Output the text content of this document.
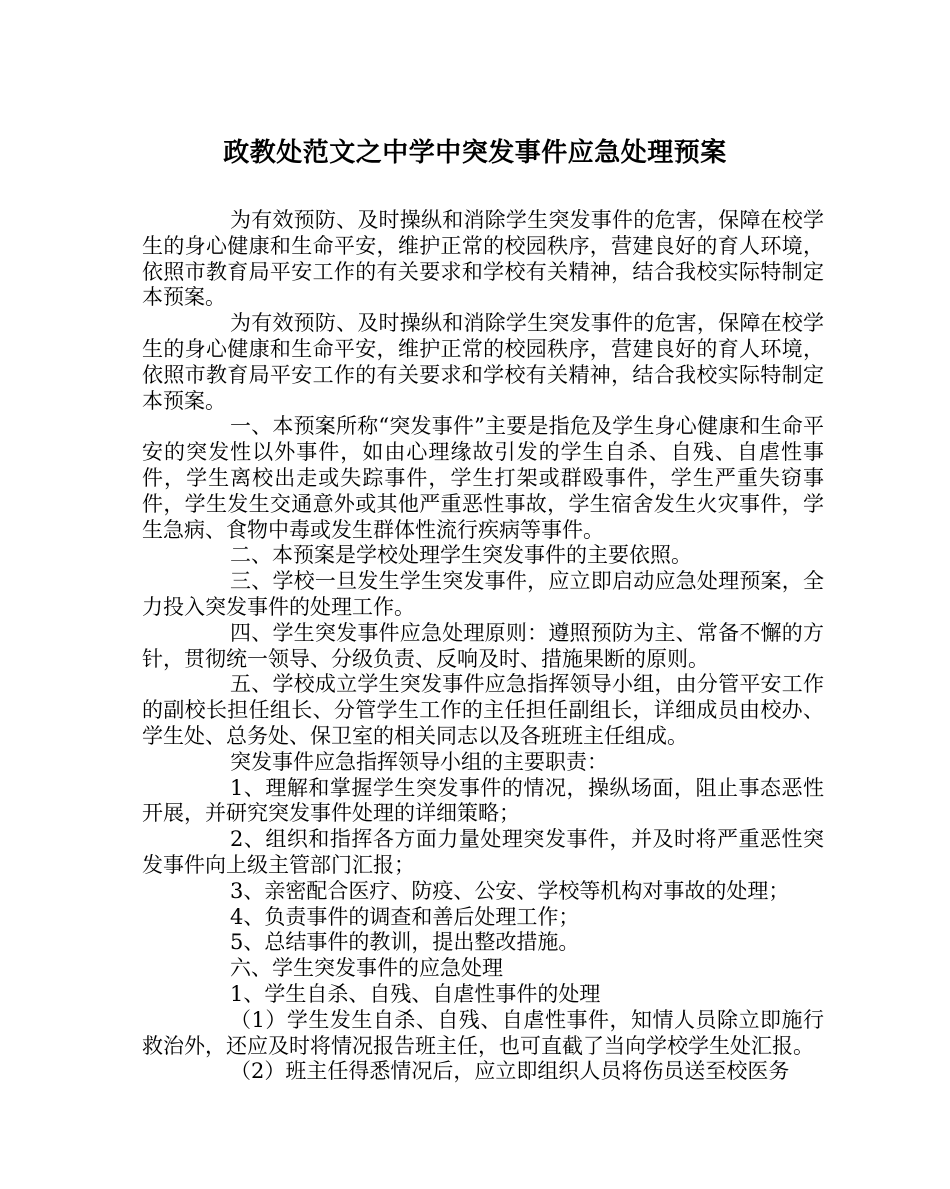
政教处范文之中学中突发事件应急处理预案

为有效预防、及时操纵和消除学生突发事件的危害，保障在校学生的身心健康和生命平安，维护正常的校园秩序，营建良好的育人环境，依照市教育局平安工作的有关要求和学校有关精神，结合我校实际特制定本预案。

为有效预防、及时操纵和消除学生突发事件的危害，保障在校学生的身心健康和生命平安，维护正常的校园秩序，营建良好的育人环境，依照市教育局平安工作的有关要求和学校有关精神，结合我校实际特制定本预案。

一、本预案所称“突发事件”主要是指危及学生身心健康和生命平安的突发性以外事件，如由心理缘故引发的学生自杀、自残、自虐性事件，学生离校出走或失踪事件，学生打架或群殴事件，学生严重失窃事件，学生发生交通意外或其他严重恶性事故，学生宿舍发生火灾事件，学生急病、食物中毒或发生群体性流行疾病等事件。

二、本预案是学校处理学生突发事件的主要依照。

三、学校一旦发生学生突发事件，应立即启动应急处理预案，全力投入突发事件的处理工作。

四、学生突发事件应急处理原则：遵照预防为主、常备不懈的方针，贯彻统一领导、分级负责、反响及时、措施果断的原则。

五、学校成立学生突发事件应急指挥领导小组，由分管平安工作的副校长担任组长、分管学生工作的主任担任副组长，详细成员由校办、学生处、总务处、保卫室的相关同志以及各班班主任组成。

突发事件应急指挥领导小组的主要职责：

1、理解和掌握学生突发事件的情况，操纵场面，阻止事态恶性开展，并研究突发事件处理的详细策略；

2、组织和指挥各方面力量处理突发事件，并及时将严重恶性突发事件向上级主管部门汇报；

3、亲密配合医疗、防疫、公安、学校等机构对事故的处理；

4、负责事件的调查和善后处理工作；

5、总结事件的教训，提出整改措施。

六、学生突发事件的应急处理

1、学生自杀、自残、自虐性事件的处理

（1）学生发生自杀、自残、自虐性事件，知情人员除立即施行救治外，还应及时将情况报告班主任，也可直截了当向学校学生处汇报。

（2）班主任得悉情况后，应立即组织人员将伤员送至校医务
